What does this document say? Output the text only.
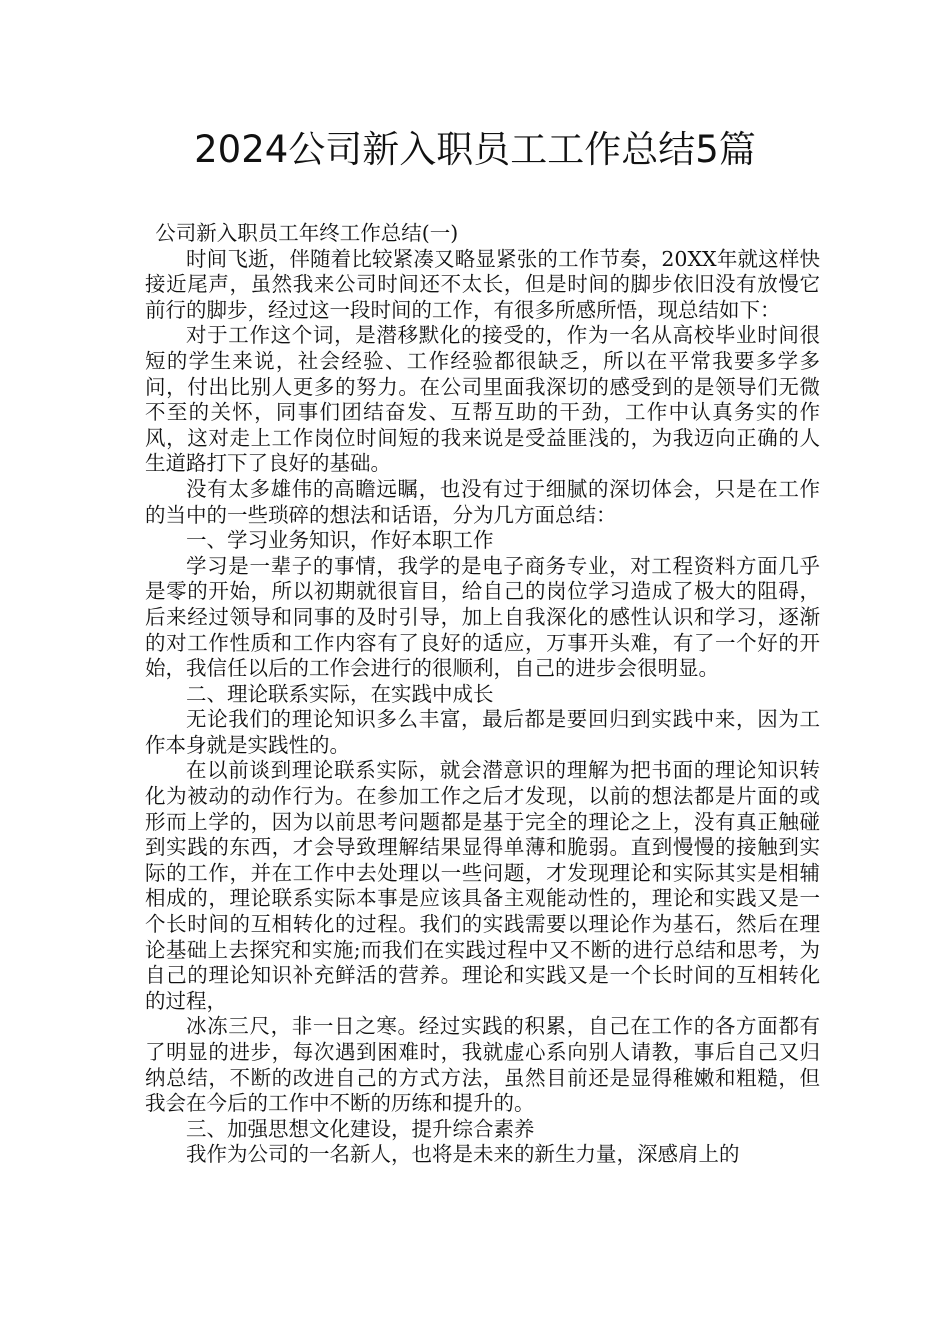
2024公司新入职员工工作总结5篇

公司新入职员工年终工作总结(一)

时间飞逝，伴随着比较紧凑又略显紧张的工作节奏，20XX年就这样快接近尾声，虽然我来公司时间还不太长，但是时间的脚步依旧没有放慢它前行的脚步，经过这一段时间的工作，有很多所感所悟，现总结如下：

对于工作这个词，是潜移默化的接受的，作为一名从高校毕业时间很短的学生来说，社会经验、工作经验都很缺乏，所以在平常我要多学多问，付出比别人更多的努力。在公司里面我深切的感受到的是领导们无微不至的关怀，同事们团结奋发、互帮互助的干劲，工作中认真务实的作风，这对走上工作岗位时间短的我来说是受益匪浅的，为我迈向正确的人生道路打下了良好的基础。

没有太多雄伟的高瞻远瞩，也没有过于细腻的深切体会，只是在工作的当中的一些琐碎的想法和话语，分为几方面总结：

一、学习业务知识，作好本职工作

学习是一辈子的事情，我学的是电子商务专业，对工程资料方面几乎是零的开始，所以初期就很盲目，给自己的岗位学习造成了极大的阻碍，后来经过领导和同事的及时引导，加上自我深化的感性认识和学习，逐渐的对工作性质和工作内容有了良好的适应，万事开头难，有了一个好的开始，我信任以后的工作会进行的很顺利，自己的进步会很明显。

二、理论联系实际，在实践中成长

无论我们的理论知识多么丰富，最后都是要回归到实践中来，因为工作本身就是实践性的。

在以前谈到理论联系实际，就会潜意识的理解为把书面的理论知识转化为被动的动作行为。在参加工作之后才发现，以前的想法都是片面的或形而上学的，因为以前思考问题都是基于完全的理论之上，没有真正触碰到实践的东西，才会导致理解结果显得单薄和脆弱。直到慢慢的接触到实际的工作，并在工作中去处理以一些问题，才发现理论和实际其实是相辅相成的，理论联系实际本事是应该具备主观能动性的，理论和实践又是一个长时间的互相转化的过程。我们的实践需要以理论作为基石，然后在理论基础上去探究和实施;而我们在实践过程中又不断的进行总结和思考，为自己的理论知识补充鲜活的营养。理论和实践又是一个长时间的互相转化的过程，

冰冻三尺，非一日之寒。经过实践的积累，自己在工作的各方面都有了明显的进步，每次遇到困难时，我就虚心系向别人请教，事后自己又归纳总结，不断的改进自己的方式方法，虽然目前还是显得稚嫩和粗糙，但我会在今后的工作中不断的历练和提升的。

三、加强思想文化建设，提升综合素养

我作为公司的一名新人，也将是未来的新生力量，深感肩上的
